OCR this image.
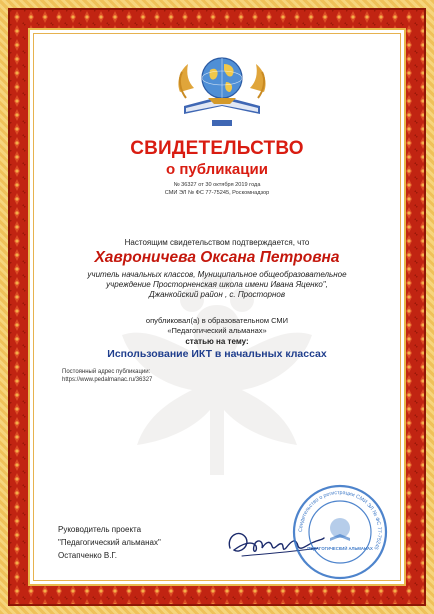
СВИДЕТЕЛЬСТВО
о публикации
№ 36327 от 30 октября 2019 года
СМИ ЭЛ № ФС 77-75245, Роскомнадзор
Настоящим свидетельством подтверждается, что
Хавроничева Оксана Петровна
учитель начальных классов, Муниципальное общеобразовательное
учреждение Просторненская школа имени Ивана Яценко",
Джанкойский район , с. Просторнов
опубликовал(а) в образовательном СМИ
«Педагогический альманах»
статью на тему:
Использование ИКТ в начальных классах
Постоянный адрес публикации:
https://www.pedalmanac.ru/36327
Руководитель проекта
"Педагогический альманах"
Остапченко В.Г.
Свидетельство о регистрации СМИ ЭЛ № ФС 77-75245
ПЕДАГОГИЧЕСКИЙ АЛЬМАНАХ
